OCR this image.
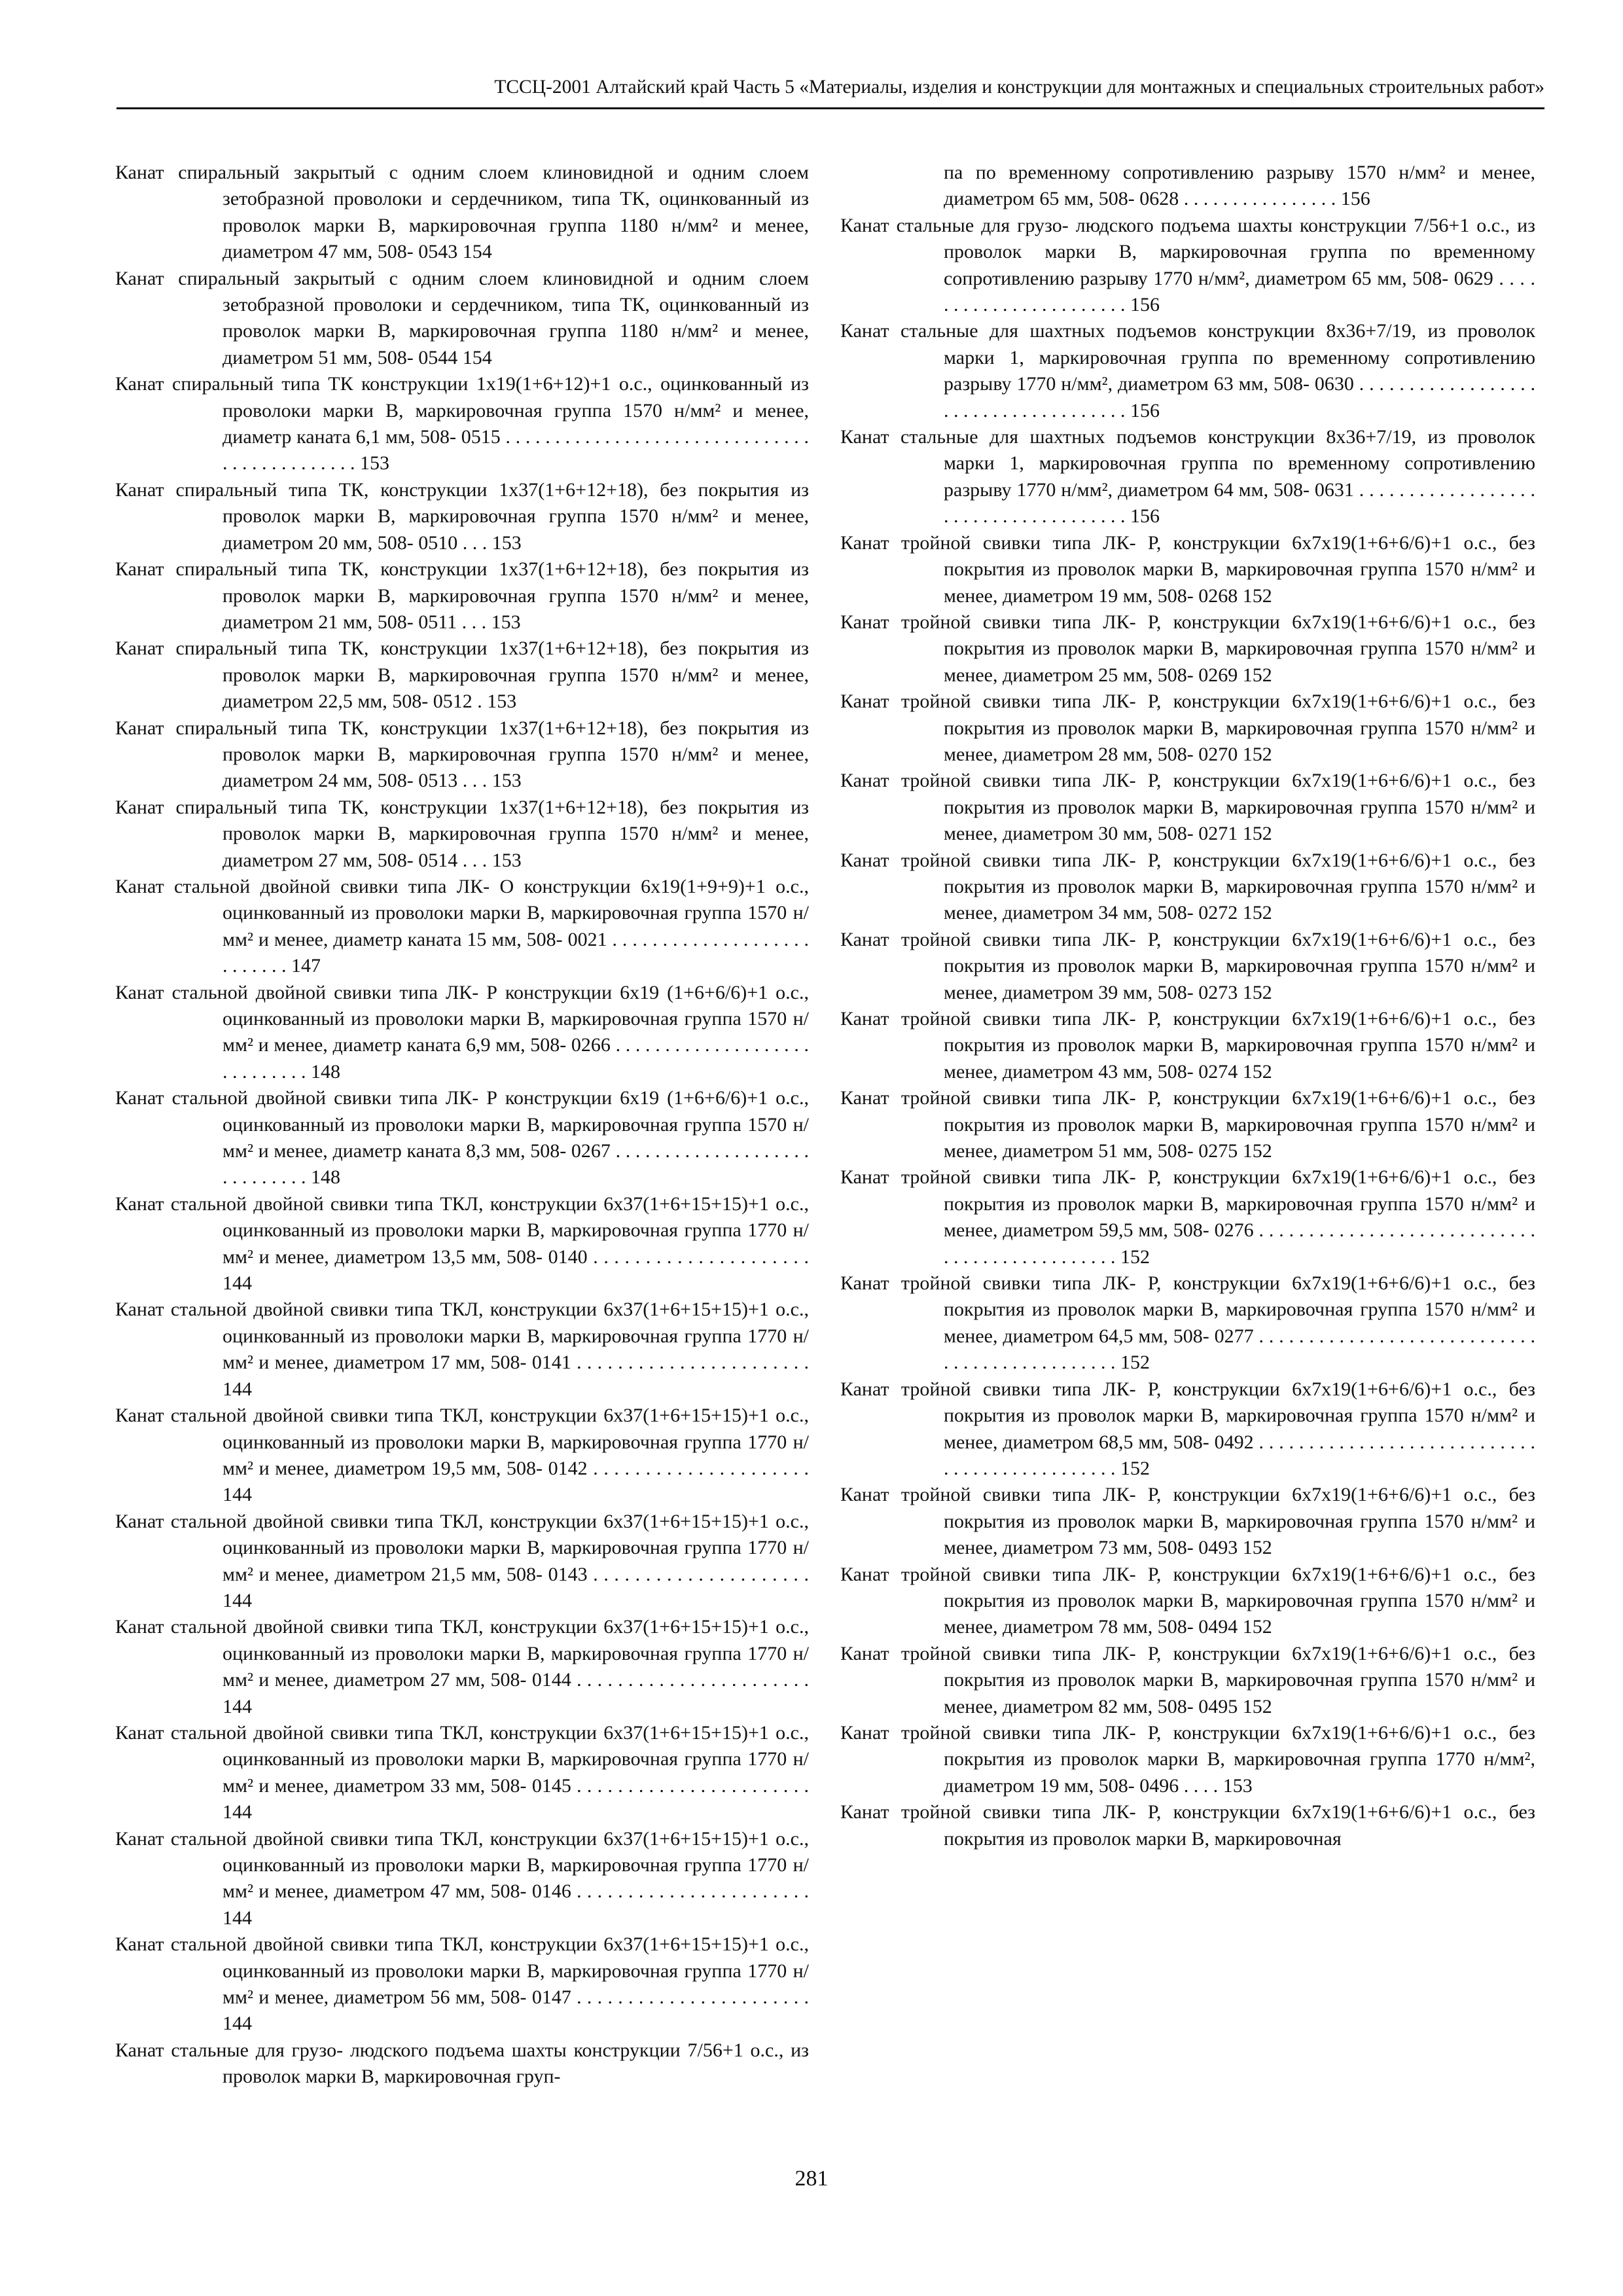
ТССЦ-2001 Алтайский край Часть 5 «Материалы, изделия и конструкции для монтажных и специальных строительных работ»

Канат спиральный закрытый с одним слоем клиновидной и одним слоем зетобразной проволоки и сердечником, типа ТК, оцинкованный из проволок марки В, маркировочная группа 1180 н/мм² и менее, диаметром 47 мм, 508- 0543 154

Канат спиральный закрытый с одним слоем клиновидной и одним слоем зетобразной проволоки и сердечником, типа ТК, оцинкованный из проволок марки В, маркировочная группа 1180 н/мм² и менее, диаметром 51 мм, 508- 0544 154

Канат спиральный типа ТК конструкции 1х19(1+6+12)+1 о.с., оцинкованный из проволоки марки В, маркировочная группа 1570 н/мм² и менее, диаметр каната 6,1 мм, 508- 0515 . . . . . . . . . . . . . . . . . . . . . . . . . . . . . . . . . . . . . . . . . . . . . 153

Канат спиральный типа ТК, конструкции 1х37(1+6+12+18), без покрытия из проволок марки В, маркировочная группа 1570 н/мм² и менее, диаметром 20 мм, 508- 0510 . . . 153

Канат спиральный типа ТК, конструкции 1х37(1+6+12+18), без покрытия из проволок марки В, маркировочная группа 1570 н/мм² и менее, диаметром 21 мм, 508- 0511 . . . 153

Канат спиральный типа ТК, конструкции 1х37(1+6+12+18), без покрытия из проволок марки В, маркировочная группа 1570 н/мм² и менее, диаметром 22,5 мм, 508- 0512 . 153

Канат спиральный типа ТК, конструкции 1х37(1+6+12+18), без покрытия из проволок марки В, маркировочная группа 1570 н/мм² и менее, диаметром 24 мм, 508- 0513 . . . 153

Канат спиральный типа ТК, конструкции 1х37(1+6+12+18), без покрытия из проволок марки В, маркировочная группа 1570 н/мм² и менее, диаметром 27 мм, 508- 0514 . . . 153

Канат стальной двойной свивки типа ЛК- О конструкции 6х19(1+9+9)+1 о.с., оцинкованный из проволоки марки В, маркировочная группа 1570 н/мм² и менее, диаметр каната 15 мм, 508- 0021 . . . . . . . . . . . . . . . . . . . . . . . . . . . 147

Канат стальной двойной свивки типа ЛК- Р конструкции 6х19 (1+6+6/6)+1 о.с., оцинкованный из проволоки марки В, маркировочная группа 1570 н/мм² и менее, диаметр каната 6,9 мм, 508- 0266 . . . . . . . . . . . . . . . . . . . . . . . . . . . . . 148

Канат стальной двойной свивки типа ЛК- Р конструкции 6х19 (1+6+6/6)+1 о.с., оцинкованный из проволоки марки В, маркировочная группа 1570 н/мм² и менее, диаметр каната 8,3 мм, 508- 0267 . . . . . . . . . . . . . . . . . . . . . . . . . . . . . 148

Канат стальной двойной свивки типа ТКЛ, конструкции 6х37(1+6+15+15)+1 о.с., оцинкованный из проволоки марки В, маркировочная группа 1770 н/мм² и менее, диаметром 13,5 мм, 508- 0140 . . . . . . . . . . . . . . . . . . . . . 144

Канат стальной двойной свивки типа ТКЛ, конструкции 6х37(1+6+15+15)+1 о.с., оцинкованный из проволоки марки В, маркировочная группа 1770 н/мм² и менее, диаметром 17 мм, 508- 0141 . . . . . . . . . . . . . . . . . . . . . . . 144

Канат стальной двойной свивки типа ТКЛ, конструкции 6х37(1+6+15+15)+1 о.с., оцинкованный из проволоки марки В, маркировочная группа 1770 н/мм² и менее, диаметром 19,5 мм, 508- 0142 . . . . . . . . . . . . . . . . . . . . . 144

Канат стальной двойной свивки типа ТКЛ, конструкции 6х37(1+6+15+15)+1 о.с., оцинкованный из проволоки марки В, маркировочная группа 1770 н/мм² и менее, диаметром 21,5 мм, 508- 0143 . . . . . . . . . . . . . . . . . . . . . 144

Канат стальной двойной свивки типа ТКЛ, конструкции 6х37(1+6+15+15)+1 о.с., оцинкованный из проволоки марки В, маркировочная группа 1770 н/мм² и менее, диаметром 27 мм, 508- 0144 . . . . . . . . . . . . . . . . . . . . . . . 144

Канат стальной двойной свивки типа ТКЛ, конструкции 6х37(1+6+15+15)+1 о.с., оцинкованный из проволоки марки В, маркировочная группа 1770 н/мм² и менее, диаметром 33 мм, 508- 0145 . . . . . . . . . . . . . . . . . . . . . . . 144

Канат стальной двойной свивки типа ТКЛ, конструкции 6х37(1+6+15+15)+1 о.с., оцинкованный из проволоки марки В, маркировочная группа 1770 н/мм² и менее, диаметром 47 мм, 508- 0146 . . . . . . . . . . . . . . . . . . . . . . . 144

Канат стальной двойной свивки типа ТКЛ, конструкции 6х37(1+6+15+15)+1 о.с., оцинкованный из проволоки марки В, маркировочная группа 1770 н/мм² и менее, диаметром 56 мм, 508- 0147 . . . . . . . . . . . . . . . . . . . . . . . 144

Канат стальные для грузо- людского подъема шахты конструкции 7/56+1 о.с., из проволок марки В, маркировочная груп-

па по временному сопротивлению разрыву 1570 н/мм² и менее, диаметром 65 мм, 508- 0628 . . . . . . . . . . . . . . . . 156

Канат стальные для грузо- людского подъема шахты конструкции 7/56+1 о.с., из проволок марки В, маркировочная группа по временному сопротивлению разрыву 1770 н/мм², диаметром 65 мм, 508- 0629 . . . . . . . . . . . . . . . . . . . . . . . 156

Канат стальные для шахтных подъемов конструкции 8х36+7/19, из проволок марки 1, маркировочная группа по временному сопротивлению разрыву 1770 н/мм², диаметром 63 мм, 508- 0630 . . . . . . . . . . . . . . . . . . . . . . . . . . . . . . . . . . . . . 156

Канат стальные для шахтных подъемов конструкции 8х36+7/19, из проволок марки 1, маркировочная группа по временному сопротивлению разрыву 1770 н/мм², диаметром 64 мм, 508- 0631 . . . . . . . . . . . . . . . . . . . . . . . . . . . . . . . . . . . . . 156

Канат тройной свивки типа ЛК- Р, конструкции 6х7х19(1+6+6/6)+1 о.с., без покрытия из проволок марки В, маркировочная группа 1570 н/мм² и менее, диаметром 19 мм, 508- 0268 152

Канат тройной свивки типа ЛК- Р, конструкции 6х7х19(1+6+6/6)+1 о.с., без покрытия из проволок марки В, маркировочная группа 1570 н/мм² и менее, диаметром 25 мм, 508- 0269 152

Канат тройной свивки типа ЛК- Р, конструкции 6х7х19(1+6+6/6)+1 о.с., без покрытия из проволок марки В, маркировочная группа 1570 н/мм² и менее, диаметром 28 мм, 508- 0270 152

Канат тройной свивки типа ЛК- Р, конструкции 6х7х19(1+6+6/6)+1 о.с., без покрытия из проволок марки В, маркировочная группа 1570 н/мм² и менее, диаметром 30 мм, 508- 0271 152

Канат тройной свивки типа ЛК- Р, конструкции 6х7х19(1+6+6/6)+1 о.с., без покрытия из проволок марки В, маркировочная группа 1570 н/мм² и менее, диаметром 34 мм, 508- 0272 152

Канат тройной свивки типа ЛК- Р, конструкции 6х7х19(1+6+6/6)+1 о.с., без покрытия из проволок марки В, маркировочная группа 1570 н/мм² и менее, диаметром 39 мм, 508- 0273 152

Канат тройной свивки типа ЛК- Р, конструкции 6х7х19(1+6+6/6)+1 о.с., без покрытия из проволок марки В, маркировочная группа 1570 н/мм² и менее, диаметром 43 мм, 508- 0274 152

Канат тройной свивки типа ЛК- Р, конструкции 6х7х19(1+6+6/6)+1 о.с., без покрытия из проволок марки В, маркировочная группа 1570 н/мм² и менее, диаметром 51 мм, 508- 0275 152

Канат тройной свивки типа ЛК- Р, конструкции 6х7х19(1+6+6/6)+1 о.с., без покрытия из проволок марки В, маркировочная группа 1570 н/мм² и менее, диаметром 59,5 мм, 508- 0276 . . . . . . . . . . . . . . . . . . . . . . . . . . . . . . . . . . . . . . . . . . . . . . 152

Канат тройной свивки типа ЛК- Р, конструкции 6х7х19(1+6+6/6)+1 о.с., без покрытия из проволок марки В, маркировочная группа 1570 н/мм² и менее, диаметром 64,5 мм, 508- 0277 . . . . . . . . . . . . . . . . . . . . . . . . . . . . . . . . . . . . . . . . . . . . . . 152

Канат тройной свивки типа ЛК- Р, конструкции 6х7х19(1+6+6/6)+1 о.с., без покрытия из проволок марки В, маркировочная группа 1570 н/мм² и менее, диаметром 68,5 мм, 508- 0492 . . . . . . . . . . . . . . . . . . . . . . . . . . . . . . . . . . . . . . . . . . . . . . 152

Канат тройной свивки типа ЛК- Р, конструкции 6х7х19(1+6+6/6)+1 о.с., без покрытия из проволок марки В, маркировочная группа 1570 н/мм² и менее, диаметром 73 мм, 508- 0493 152

Канат тройной свивки типа ЛК- Р, конструкции 6х7х19(1+6+6/6)+1 о.с., без покрытия из проволок марки В, маркировочная группа 1570 н/мм² и менее, диаметром 78 мм, 508- 0494 152

Канат тройной свивки типа ЛК- Р, конструкции 6х7х19(1+6+6/6)+1 о.с., без покрытия из проволок марки В, маркировочная группа 1570 н/мм² и менее, диаметром 82 мм, 508- 0495 152

Канат тройной свивки типа ЛК- Р, конструкции 6х7х19(1+6+6/6)+1 о.с., без покрытия из проволок марки В, маркировочная группа 1770 н/мм², диаметром 19 мм, 508- 0496 . . . . 153

Канат тройной свивки типа ЛК- Р, конструкции 6х7х19(1+6+6/6)+1 о.с., без покрытия из проволок марки В, маркировочная

281
